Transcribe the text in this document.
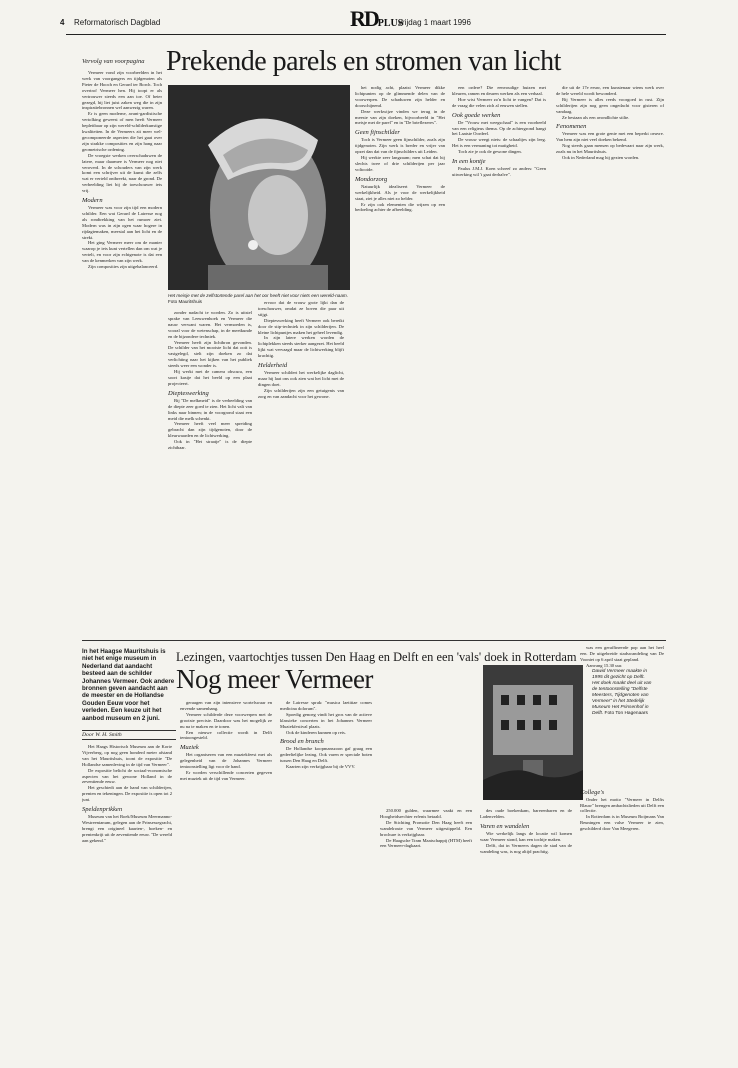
4 Reformatorisch Dagblad	RDPLUS
vrijdag 1 maart 1996
Vervolg van voorpagina Prekende parels en stromen van licht

Vermeer vond zijn voorbeelden in het werk van voorgangers en tijdgenoten als Pieter de Hooch en Gerard ter Borch. Toch overtrof Vermeer hen. Hij toopt er als vertrouwer steeds een aan toe. Of beter gezegd, hij liet juist zaken weg die in zijn inspiratiebronnen wel aanwezig waren.

Er is geen moderne, avant-gardistische vertolking geweest of men heeft Vermeer bepleitbaar op zijn wereld-schilderkunstige kwaliteiten. In de Vermeers zit meer wel-gecomponeerde aspecten die het gaat over zijn strakke composities en zijn hang naar geometrische ordening.

De vroegste werken overschaduwen de latere, maar daarmee is Vermeer nog niet veroverd. In de schouders van zijn werk komt een schrijver uit de kunst die zelfs wat er verteld ontbreekt, naar de grond. De verbeelding liet bij de toeschouwer iets vrij.

Modern

Vermeer was voor zijn tijd een modern schilder. Een wat Gerard de Lairesse nog als rondtrekking van het rumoer ziet. Modern was in zijn ogen waar hogere in rijdagtemaken, meestal aan het licht en de strekt.

Het ging Vermeer meer om de manier waarop je iets kunt vertellen dan om wat je vertelt, en voor zijn echtgenote is dat een van de kenmerken van zijn werk.

Zijn composities zijn uitgebalanceerd.

Het meisje met de zelfstortende parel aan het oor heeft niet voor niets een wereld-naam. Foto Mauritshuis

zonder nadacht te worden. Zo is uitstel sprake van Leeuwenhoek en Vermeer die nauw verwant waren. Het vermoeden is, vooral voor de wetenschap, in de meetkunde en de bijzondere techniek.

Vermeer heeft zijn lichtbron gevonden. De schilder van het mooiste licht dat ooit is vastgelegd, stelt zijn doeken zo dat verlichting naar het kijken van het publiek steeds weer een wonder is.

Hij werkt met de camera obscura, een soort kastje dat het beeld op een plaat projecteert.

Diepteswerking

Bij "De melkmeid" is de verbeelding van de diepte zeer goed te zien. Het licht valt van links naar binnen; in de voorgrond staat een meid die melk schenkt.

Vermeer heeft veel meer spreiding gebracht dan zijn tijdgenoten, door de kleurwaarden en de lichtwerking.

Ook in "Het straatje" is de diepte zichtbaar.

ervoor dat de vrouw grote lijkt dan de toeschouwer, omdat ze boven die paar uit stijgt.

Diepteswerking heeft Vermeer ook bereikt door de stip-techniek in zijn schilderijen. De kleine lichtpuntjes maken het geheel levendig.

In zijn latere werken worden de lichtplekken steeds sterker aangezet. Het beeld lijkt wat vervaagd maar de lichtwerking blijft krachtig.

Helderheid

Vermeer schildert het werkelijke daglicht, maar hij laat ons ook zien wat het licht met de dingen doet.

Zijn schilderijen zijn een getuigenis van zorg en van aandacht voor het gewone.

het nodig acht, plaatst Vermeer dikke lichtpunten op de glimmende delen van de voorwerpen. De schaduwen zijn helder en doorschijnend.

Deze werkwijze vinden we terug in de meeste van zijn doeken, bijvoorbeeld in "Het meisje met de parel" en in "De brieflezeres".

Geen fijnschilder

Toch is Vermeer geen fijnschilder, zoals zijn tijdgenoten. Zijn werk is breder en vrijer van opzet dan dat van de fijnschilders uit Leiden.

Hij werkte zeer langzaam; men schat dat hij slechts twee of drie schilderijen per jaar voltooide.

Mondorzorg

Natuurlijk idealiseert Vermeer de werkelijkheid. Als je voor de werkelijkheid staat, ziet je alles niet zo helder.

Er zijn ook elementen die wijzen op een bedoeling achter de afbeelding.

een ordere? Die eenvoudige huizen met kleuren, ramen en deuren werken als een verhaal.

Hoe wist Vermeer zo'n licht te vangen? Dat is de vraag die velen zich al eeuwen stellen.

Ook goede werken

De "Vrouw met weegschaal" is een voorbeeld van een religieus thema. Op de achtergrond hangt het Laatste Oordeel.

De vrouw weegt niets: de schaaltjes zijn leeg. Het is een vermaning tot matigheid.

Toch zie je ook de gewone dingen.

In een kontje

Paulus J.M.J. Koen schreef zo anders: "Geen uitwerking wil 't gaat derhalve".

die uit de 17e eeuw, een kunstenaar wiens werk over de hele wereld wordt bewonderd.

Bij Vermeer is alles reeds voorgoed in rust. Zijn schilderijen zijn nog geen ongedacht voor gisteren of vandaag.

Ze bestaan als een avondlichte stilte.

Fenomenen

Vermeer was een grote genie met een beperkt oeuvre. Van hem zijn niet veel doeken bekend.

Nog steeds gaan mensen op bedevaart naar zijn werk, zoals nu in het Mauritshuis.

Ook in Nederland mag hij gezien worden.

In het Haagse Mauritshuis is niet het enige museum in Nederland dat aandacht besteed aan de schilder Johannes Vermeer. Ook andere bronnen geven aandacht aan de meester en de Hollandse Gouden Eeuw voor het verleden. Een keuze uit het aanbod museum en 2 juni.
Door W. H. Smith
Lezingen, vaartochtjes tussen Den Haag en Delft en een 'vals' doek in Rotterdam
Nog meer Vermeer

Het Haags Historisch Museum aan de Korte Vijverberg, op nog geen honderd meter afstand van het Mauritshuis, toont de expositie "De Hollandse samenleving in de tijd van Vermeer".

De expositie belicht de sociaal-economische aspecten van het gewone Holland in de zeventiende eeuw.

Het geschiedt aan de hand van schilderijen, prenten en tekeningen. De expositie is open tot 2 juni.

Speldenprikken

Museum van het Boek/Museum Meermanno-Westreenianum, gelegen aan de Prinsessegracht, brengt een origineel kaarten-, boeken- en prentenkrijt uit de zeventiende eeuw. "De wereld aan gekend."

geraagen van zijn intensieve wortelswaar en envende samenhang.

Vermeer schilderde deze voorwerpen met de grootste precisie. Daardoor was het mogelijk ze nu na te maken en te tonen.

Een nieuwe collectie wordt in Delft tentoongesteld.

Muziek

Het organiseren van een muziekfeest met als gelegenheid van de Johannes Vermeer tentoonstelling ligt voor de hand.

Er worden verschillende concerten gegeven met muziek uit de tijd van Vermeer.

de Lairesse sprak: "musica laetitiae comes medicina dolorum".

Spoedig genoeg vindt het gros van de actieve klassieke concerten in het Johannes Vermeer Muziekfestival plaats.

Ook de kinderen kunnen op reis.

Brood en brunch

De Hollandse koopmanszoon gaf graag een gedeeltelijke lezing. Ook varen er speciale boten tussen Den Haag en Delft.

Kaarten zijn verkrijgbaar bij de VVV.

250.000 gulden, waarmee vaakt en een Hoogheidsrechter erfenis betaald.

De Stichting Promotie Den Haag heeft een wandelroute van Vermeer uitgestippeld. Een brochure is verkrijgbaar.

De Haagsche Tram Maatschappij (HTM) heeft een Vermeer-dagkaart.

Dawid Vermeer maakte in 1995 dit gezicht op Delft. Het doek maakt deel uit van de tentoonstelling "Delfste Meesters, Tijdgenoten van Vermeer" in het Stedelijk Museum Het Prinsenhof in Delft. Foto Ton Hagenaars

des oude boekenkam, barerenbaren en de Ladenvelden.

Varen en wandelen

Wie werkelijk langs de locatie wil komen waar Vermeer stond, kan een tochtje maken.

Delft, dat in Vermeers dagen de stad van de wandeling was, is nog altijd prachtig.

was een geraffineerde pop aan het heel een. De uitgebreide stadswandeling van De Vooniet op 6 april staat gepland.

Aanvang 15.30 uur.

College's

Onder het motto "Vermeer in Delfts Blauw" brengen ambachtslieden uit Delft een collectie.

In Rotterdam is in Museum Boijmans Van Beuningen een valse Vermeer te zien, geschilderd door Van Meegeren.
